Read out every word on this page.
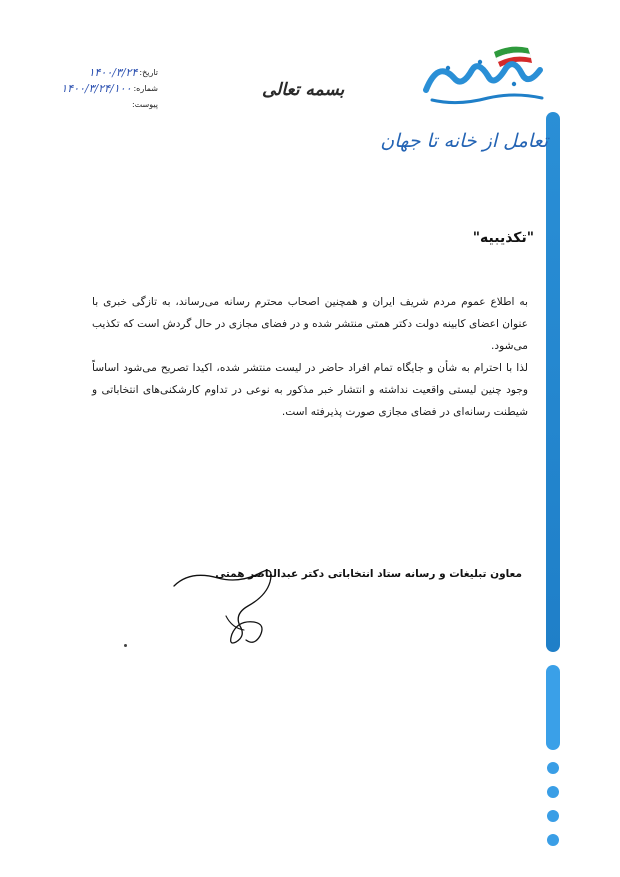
عبدالناصر همتی
تعامل از خانه تا جهان
تاریخ:
۱۴۰۰/۳/۲۴
شماره:
۱۴۰۰/۳/۲۴/۱۰۰
پیوست:
بسمه تعالی
"تکذیبیه"

به اطلاع عموم مردم شریف ایران و همچنین اصحاب محترم رسانه می‌رساند، به تازگی خبری با عنوان اعضای کابینه دولت دکتر همتی منتشر شده و در فضای مجازی در حال گردش است که تکذیب می‌شود.

لذا با احترام به شأن و جایگاه تمام افراد حاضر در لیست منتشر شده، اکیدا تصریح می‌شود اساساً وجود چنین لیستی واقعیت نداشته و انتشار خبر مذکور به نوعی در تداوم کارشکنی‌های انتخاباتی و شیطنت رسانه‌ای در فضای مجازی صورت پذیرفته است.

معاون تبلیغات و رسانه ستاد انتخاباتی دکتر عبدالناصر همتی
